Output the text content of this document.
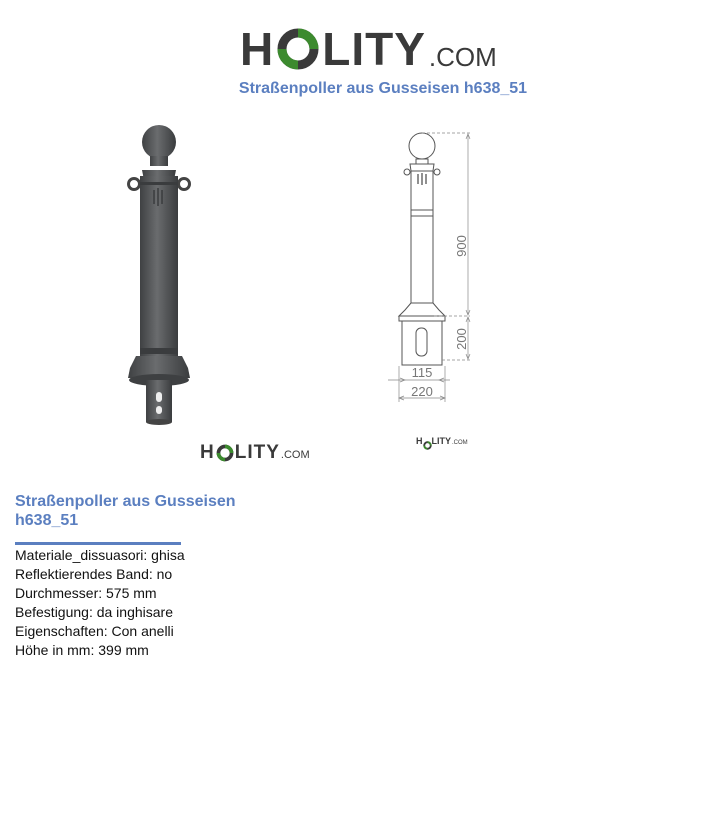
H LITY .COM
Straßenpoller aus Gusseisen h638_51
H LITY .COM
900
200
115
220
H LITY .COM
Straßenpoller aus Gusseisen
h638_51
Materiale_dissuasori: ghisa
Reflektierendes Band: no
Durchmesser: 575 mm
Befestigung: da inghisare
Eigenschaften: Con anelli
Höhe in mm: 399 mm
